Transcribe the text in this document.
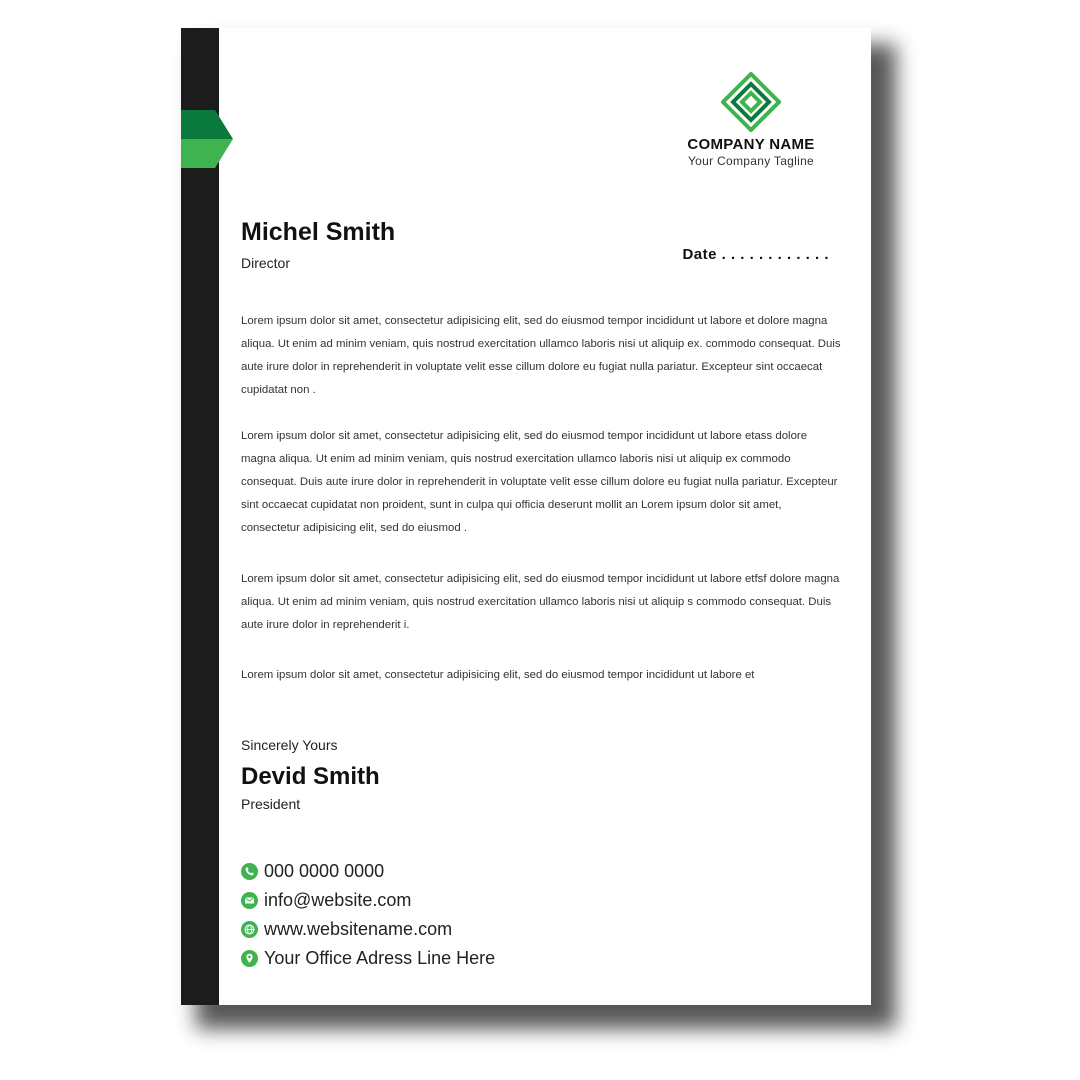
COMPANY NAME
Your Company Tagline
Michel Smith
Director	Date . . . . . . . . . . . .

Lorem ipsum dolor sit amet, consectetur adipisicing elit, sed do eiusmod tempor incididunt ut labore et dolore magna aliqua. Ut enim ad minim veniam, quis nostrud exercitation ullamco laboris nisi ut aliquip ex. commodo consequat. Duis aute irure dolor in reprehenderit in voluptate velit esse cillum dolore eu fugiat nulla pariatur. Excepteur sint occaecat cupidatat non .

Lorem ipsum dolor sit amet, consectetur adipisicing elit, sed do eiusmod tempor incididunt ut labore etass dolore magna aliqua. Ut enim ad minim veniam, quis nostrud exercitation ullamco laboris nisi ut aliquip ex commodo consequat. Duis aute irure dolor in reprehenderit in voluptate velit esse cillum dolore eu fugiat nulla pariatur. Excepteur sint occaecat cupidatat non proident, sunt in culpa qui officia deserunt mollit an Lorem ipsum dolor sit amet, consectetur adipisicing elit, sed do eiusmod .

Lorem ipsum dolor sit amet, consectetur adipisicing elit, sed do eiusmod tempor incididunt ut labore etfsf dolore magna aliqua. Ut enim ad minim veniam, quis nostrud exercitation ullamco laboris nisi ut aliquip s commodo consequat. Duis aute irure dolor in reprehenderit i.

Lorem ipsum dolor sit amet, consectetur adipisicing elit, sed do eiusmod tempor incididunt ut labore et

Sincerely Yours
Devid Smith
President
000 0000 0000
info@website.com
www.websitename.com
Your Office Adress Line Here
